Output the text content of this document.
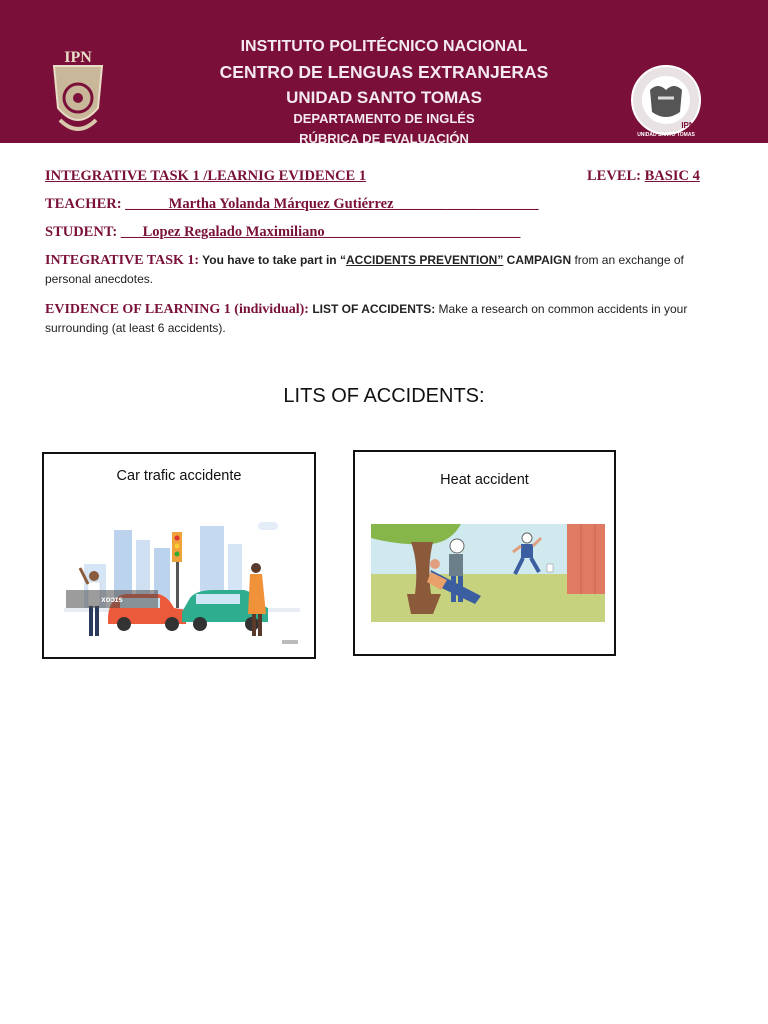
IPN
INSTITUTO POLITÉCNICO NACIONAL
CENTRO DE LENGUAS EXTRANJERAS
UNIDAD SANTO TOMAS
DEPARTAMENTO DE INGLÉS
RÚBRICA DE EVALUACIÓN
IPN
UNIDAD SANTO TOMAS
INTEGRATIVE TASK 1 /LEARNIG EVIDENCE 1	LEVEL: BASIC 4
TEACHER: ______Martha Yolanda Márquez Gutiérrez_______ ____ ________
STUDENT: ___Lopez Regalado Maximiliano___________________________
INTEGRATIVE TASK 1: You have to take part in “ACCIDENTS PREVENTION” CAMPAIGN from an exchange of personal anecdotes.
EVIDENCE OF LEARNING 1 (individual): LIST OF ACCIDENTS: Make a research on common accidents in your surrounding (at least 6 accidents).
LITS OF ACCIDENTS:
Car trafic accidente
xoɔɪs
Heat accident
